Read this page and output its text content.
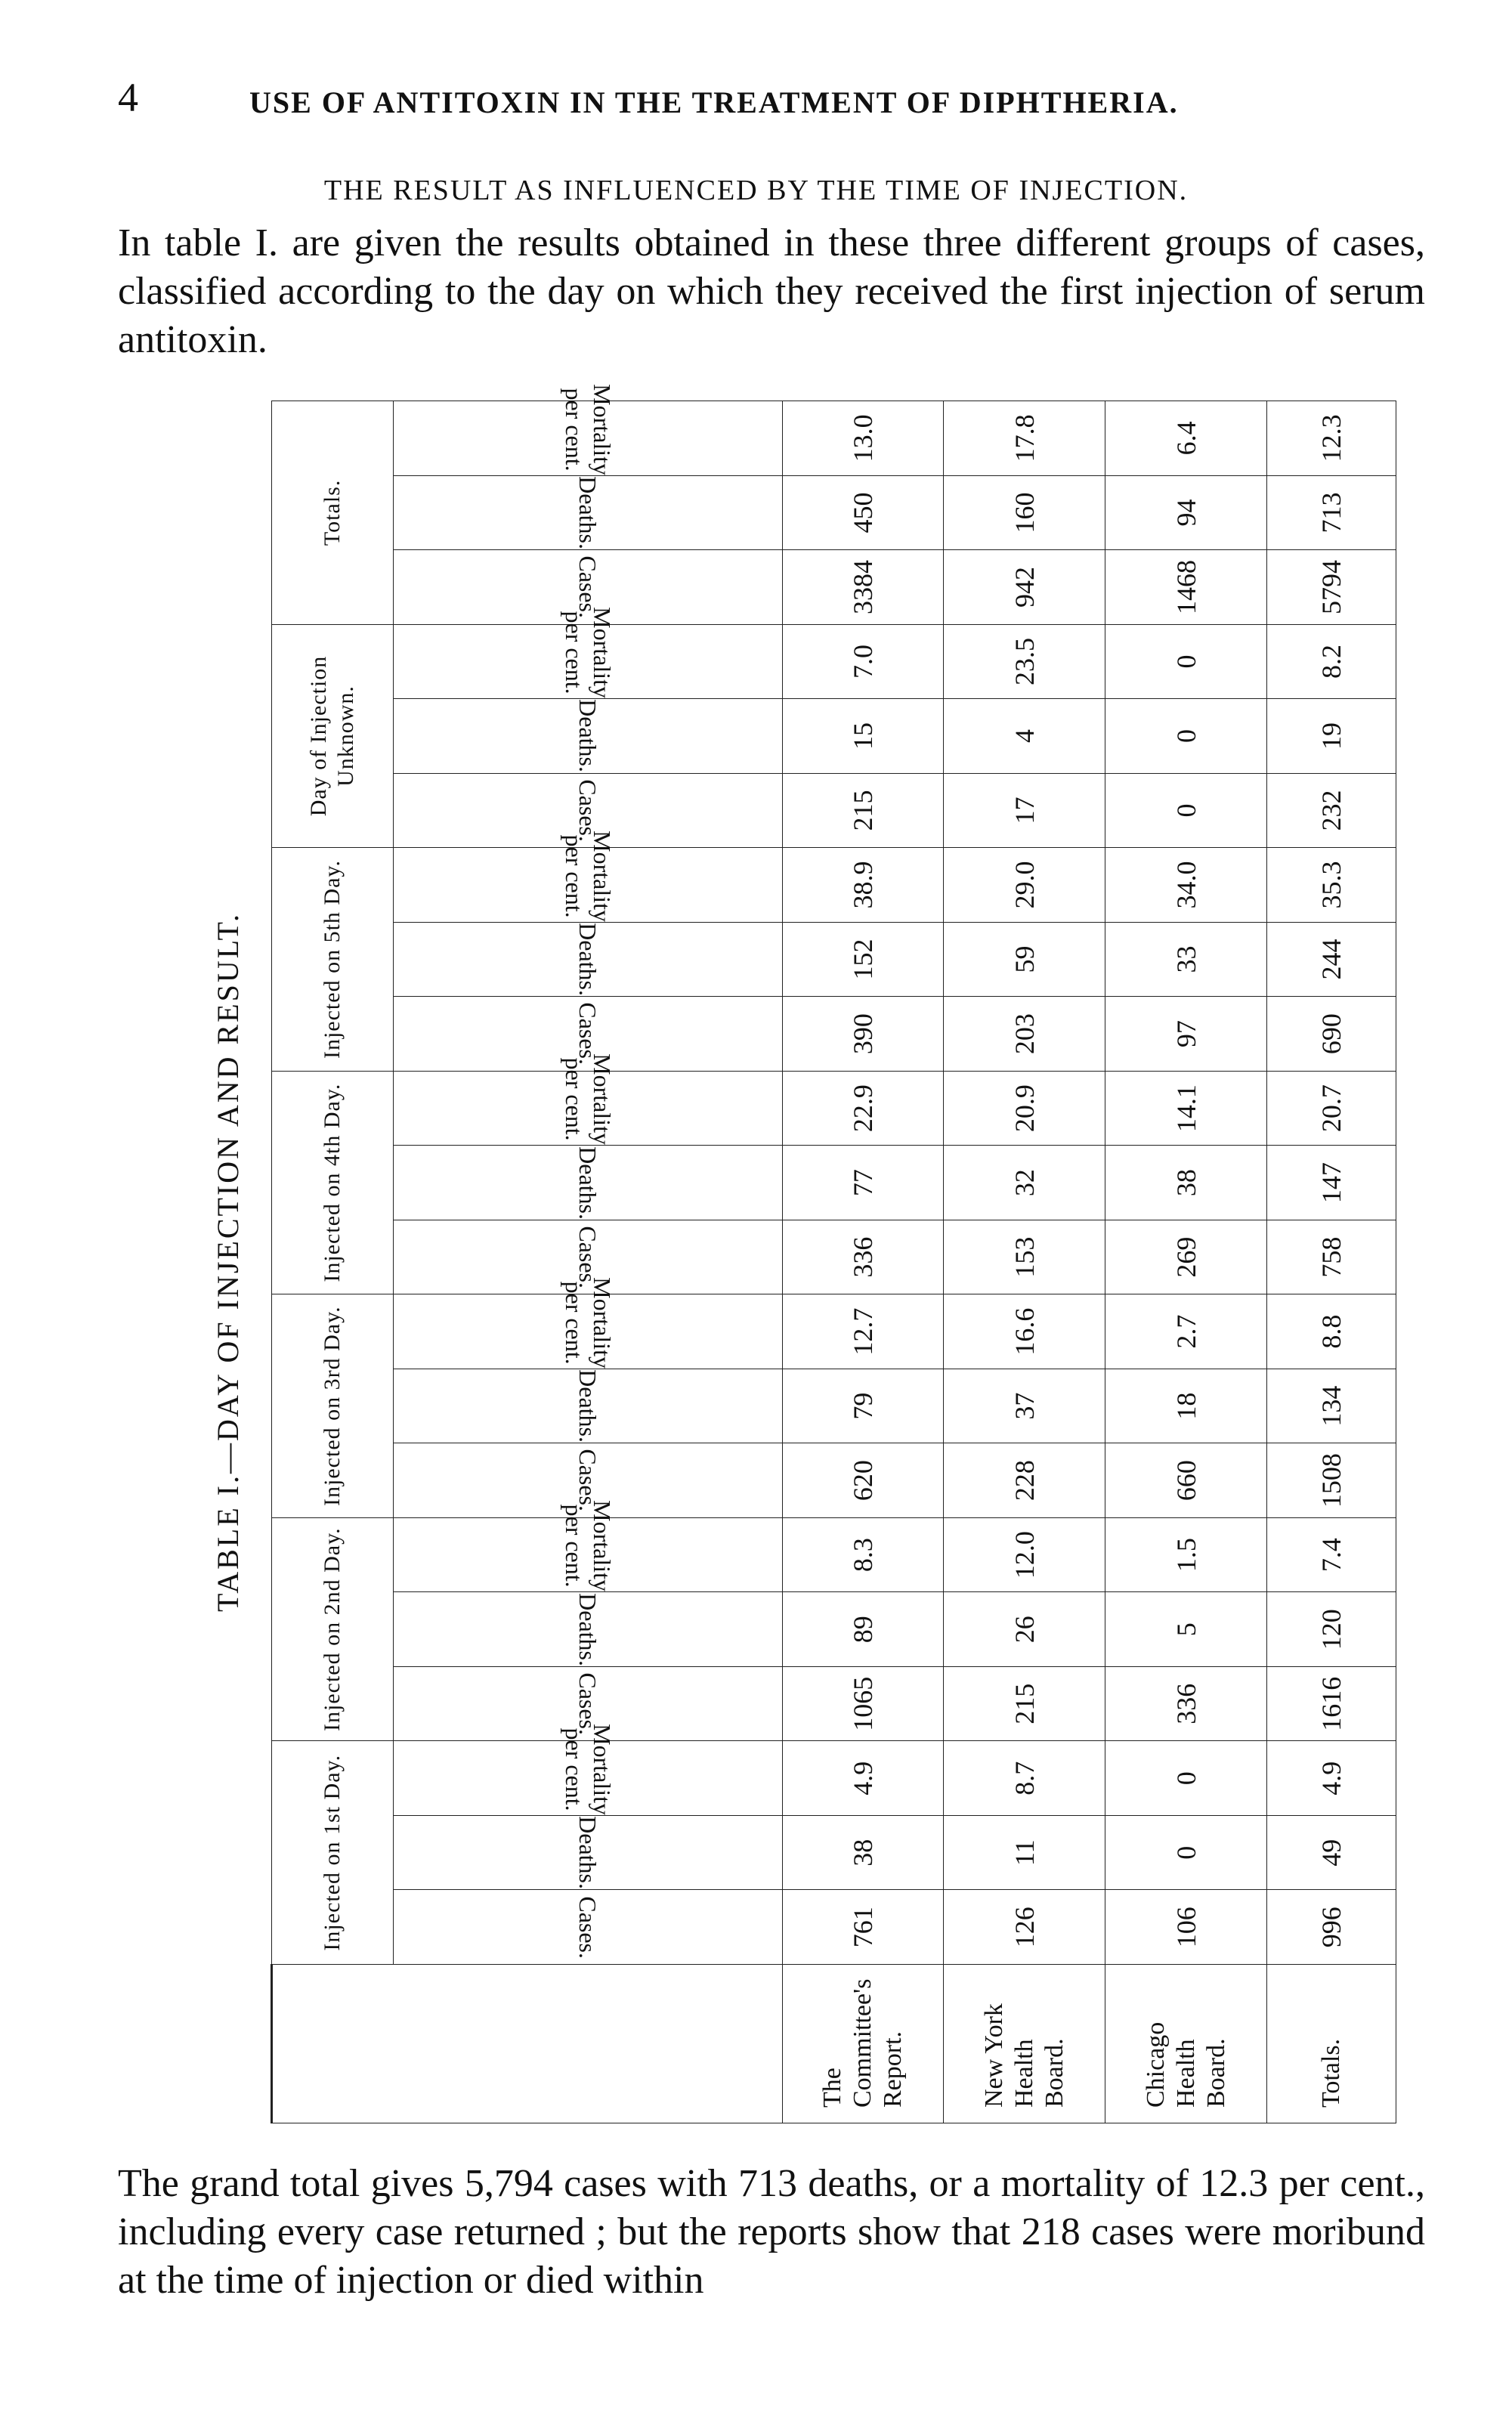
4	USE OF ANTITOXIN IN THE TREATMENT OF DIPHTHERIA.
THE RESULT AS INFLUENCED BY THE TIME OF INJECTION.
In table I. are given the results obtained in these three different groups of cases, classified according to the day on which they received the first injection of serum antitoxin.
TABLE I.—DAY OF INJECTION AND RESULT.
	Injected on 1st Day.			Injected on 2nd Day.			Injected on 3rd Day.			Injected on 4th Day.			Injected on 5th Day.			Day of Injection Unknown.			Totals.		
	Cases.	Deaths.	Mortality per cent.	Cases.	Deaths.	Mortality per cent.	Cases.	Deaths.	Mortality per cent.	Cases.	Deaths.	Mortality per cent.	Cases.	Deaths.	Mortality per cent.	Cases.	Deaths.	Mortality per cent.	Cases.	Deaths.	Mortality per cent.
The Committee's Report.	761	38	4.9	1065	89	8.3	620	79	12.7	336	77	22.9	390	152	38.9	215	15	7.0	3384	450	13.0
New York Health Board.	126	11	8.7	215	26	12.0	228	37	16.6	153	32	20.9	203	59	29.0	17	4	23.5	942	160	17.8
Chicago Health Board.	106	0	0	336	5	1.5	660	18	2.7	269	38	14.1	97	33	34.0	0	0	0	1468	94	6.4
Totals.	996	49	4.9	1616	120	7.4	1508	134	8.8	758	147	20.7	690	244	35.3	232	19	8.2	5794	713	12.3
The grand total gives 5,794 cases with 713 deaths, or a mortality of 12.3 per cent., including every case returned ; but the reports show that 218 cases were moribund at the time of injection or died within
